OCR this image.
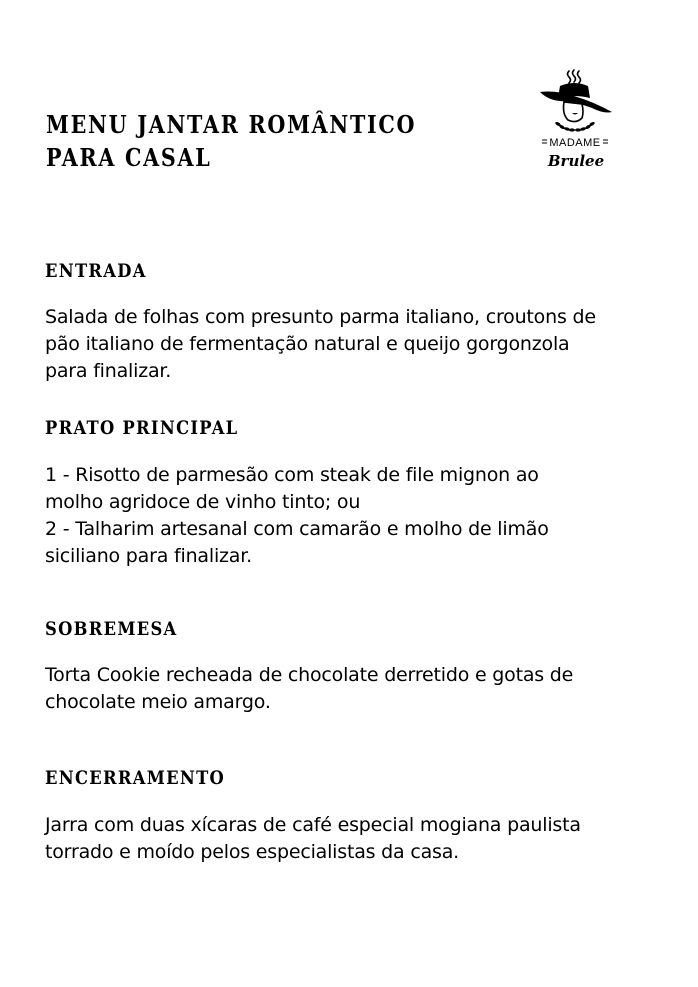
MENU JANTAR ROMÂNTICO
PARA CASAL	MADAME
Brulee
ENTRADA

Salada de folhas com presunto parma italiano, croutons de
pão italiano de fermentação natural e queijo gorgonzola
para finalizar.

PRATO PRINCIPAL

1 - Risotto de parmesão com steak de file mignon ao
molho agridoce de vinho tinto; ou
2 - Talharim artesanal com camarão e molho de limão
siciliano para finalizar.

SOBREMESA

Torta Cookie recheada de chocolate derretido e gotas de
chocolate meio amargo.

ENCERRAMENTO

Jarra com duas xícaras de café especial mogiana paulista
torrado e moído pelos especialistas da casa.
